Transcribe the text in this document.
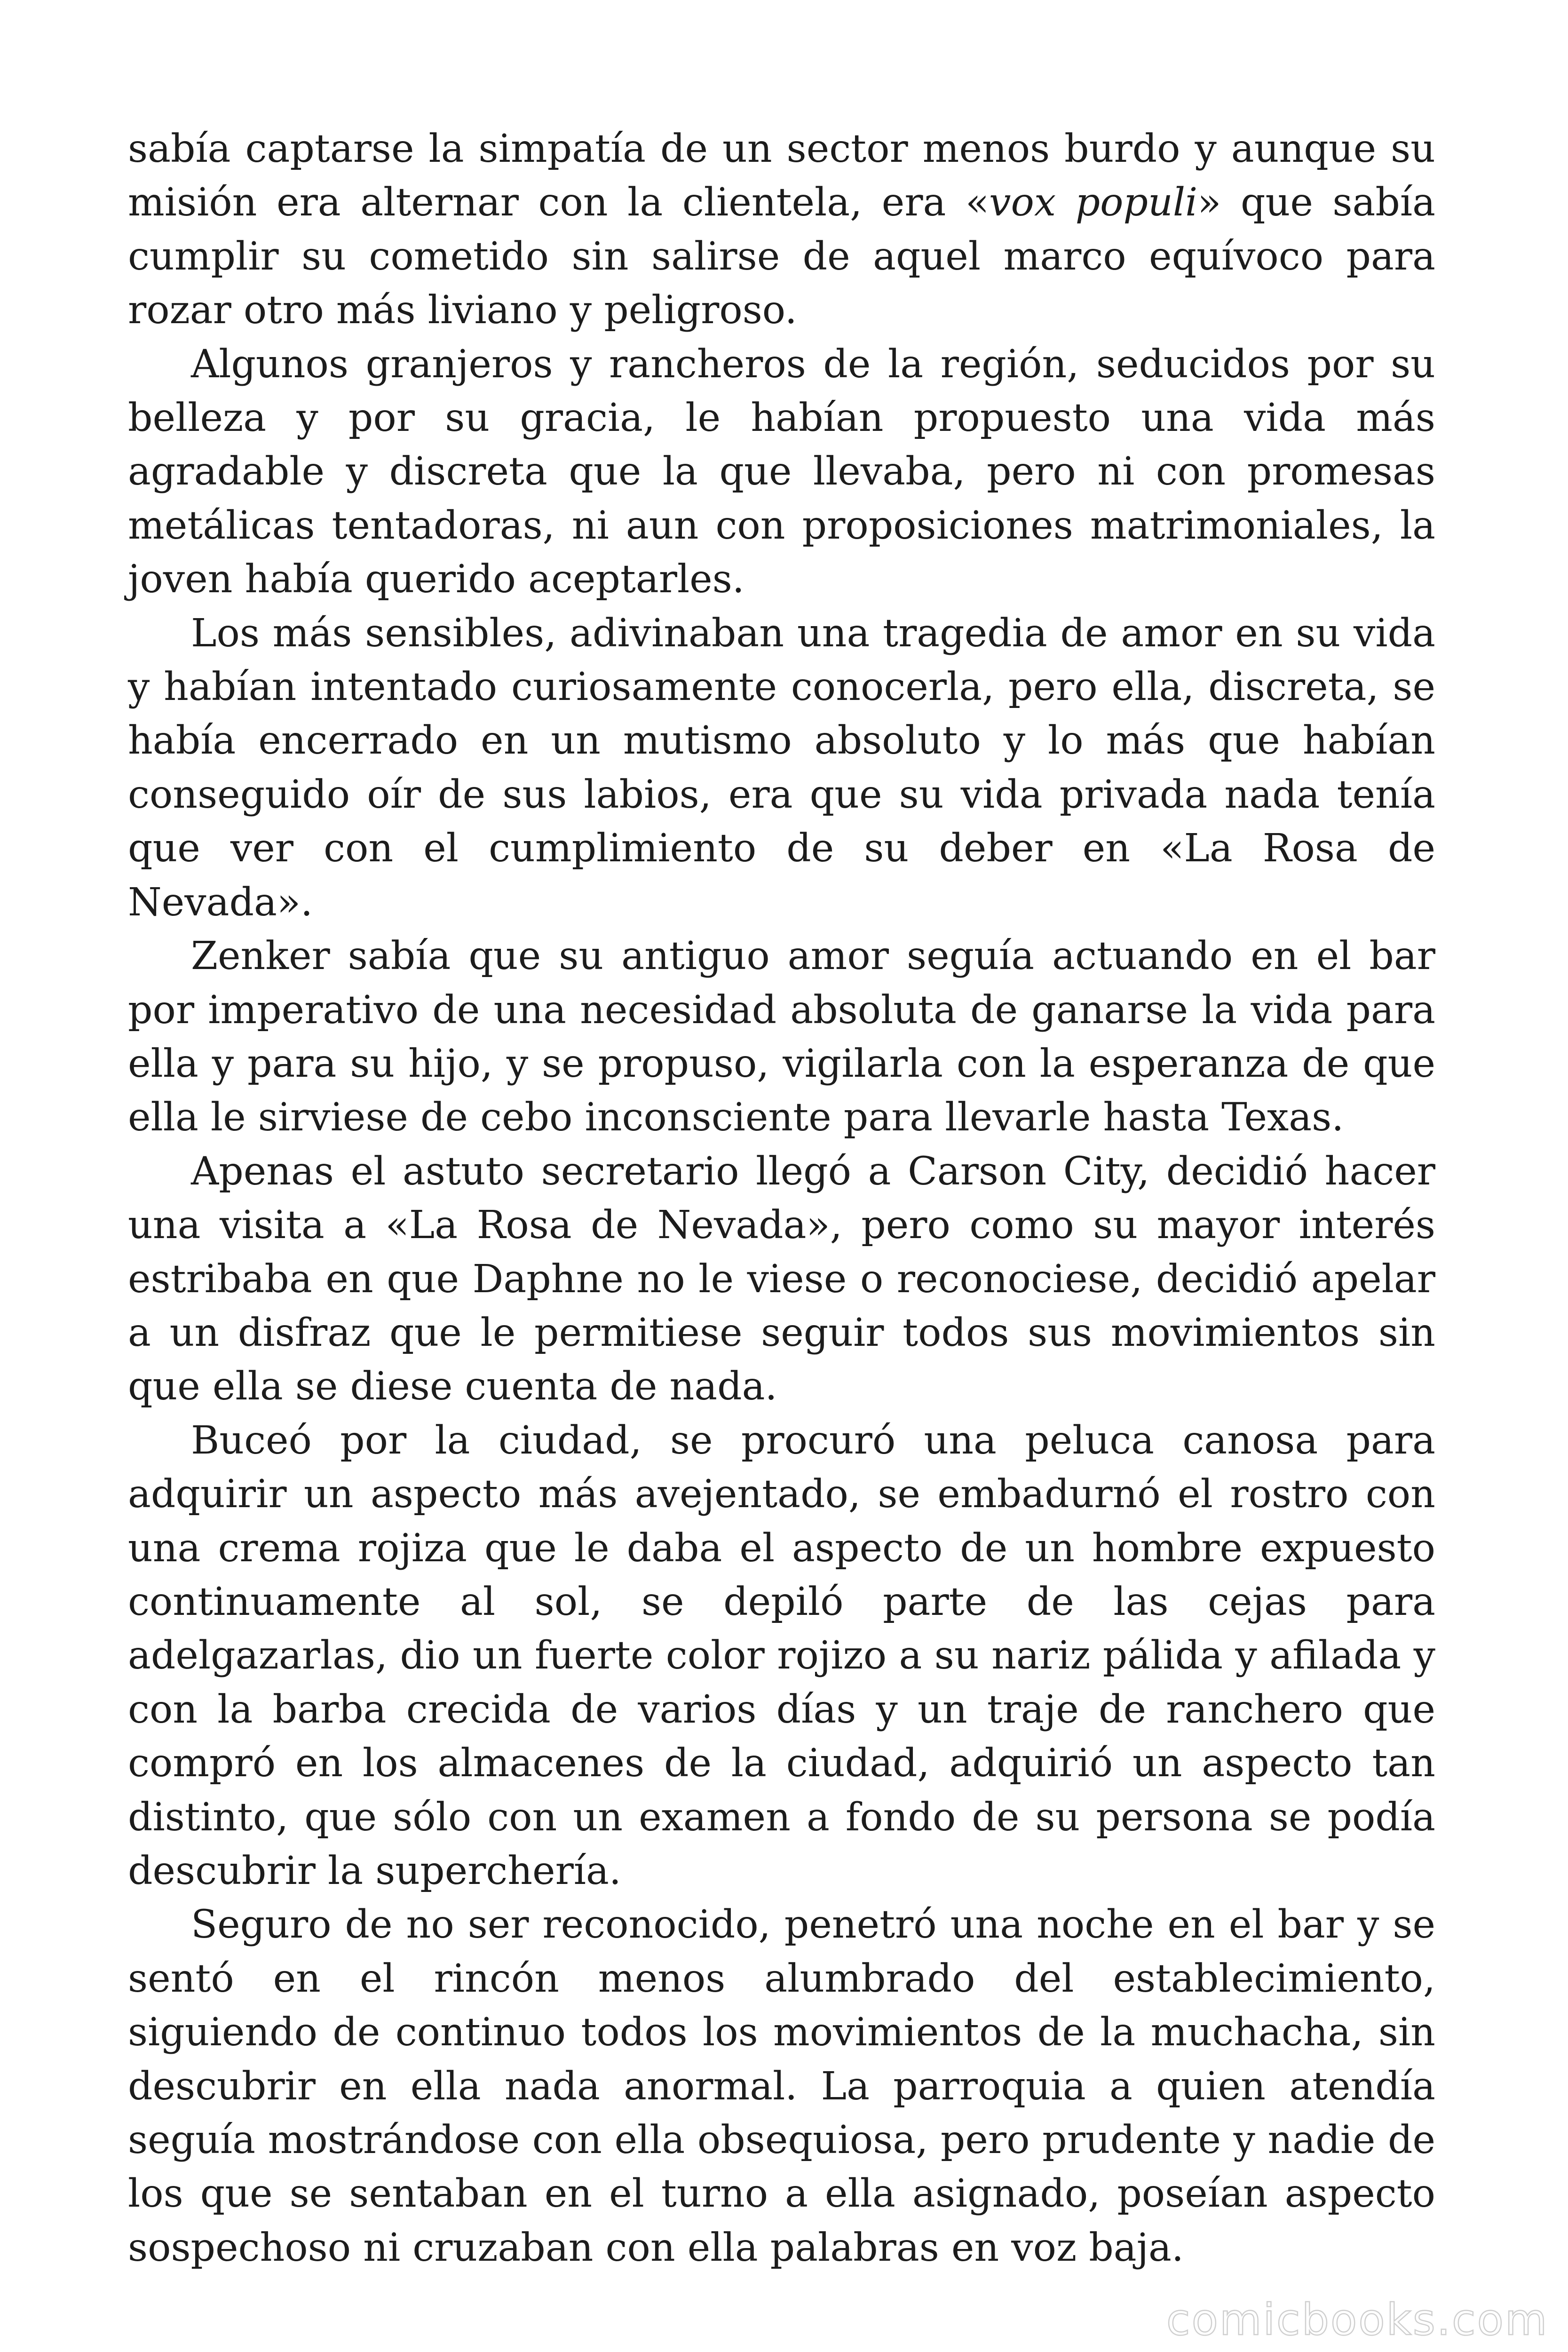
sabía captarse la simpatía de un sector menos burdo y aunque su misión era alternar con la clientela, era «vox populi» que sabía cumplir su cometido sin salirse de aquel marco equívoco para rozar otro más liviano y peligroso.

Algunos granjeros y rancheros de la región, seducidos por su belleza y por su gracia, le habían propuesto una vida más agradable y discreta que la que llevaba, pero ni con promesas metálicas tentadoras, ni aun con proposiciones matrimoniales, la joven había querido aceptarles.

Los más sensibles, adivinaban una tragedia de amor en su vida y habían intentado curiosamente conocerla, pero ella, discreta, se había encerrado en un mutismo absoluto y lo más que habían conseguido oír de sus labios, era que su vida privada nada tenía que ver con el cumplimiento de su deber en «La Rosa de Nevada».

Zenker sabía que su antiguo amor seguía actuando en el bar por imperativo de una necesidad absoluta de ganarse la vida para ella y para su hijo, y se propuso, vigilarla con la esperanza de que ella le sirviese de cebo inconsciente para llevarle hasta Texas.

Apenas el astuto secretario llegó a Carson City, decidió hacer una visita a «La Rosa de Nevada», pero como su mayor interés estribaba en que Daphne no le viese o reconociese, decidió apelar a un disfraz que le permitiese seguir todos sus movimientos sin que ella se diese cuenta de nada.

Buceó por la ciudad, se procuró una peluca canosa para adquirir un aspecto más avejentado, se embadurnó el rostro con una crema rojiza que le daba el aspecto de un hombre expuesto continuamente al sol, se depiló parte de las cejas para adelgazarlas, dio un fuerte color rojizo a su nariz pálida y afilada y con la barba crecida de varios días y un traje de ranchero que compró en los almacenes de la ciudad, adquirió un aspecto tan distinto, que sólo con un examen a fondo de su persona se podía descubrir la superchería.

Seguro de no ser reconocido, penetró una noche en el bar y se sentó en el rincón menos alumbrado del establecimiento, siguiendo de continuo todos los movimientos de la muchacha, sin descubrir en ella nada anormal. La parroquia a quien atendía seguía mostrándose con ella obsequiosa, pero prudente y nadie de los que se sentaban en el turno a ella asignado, poseían aspecto sospechoso ni cruzaban con ella palabras en voz baja.

comicbooks.com
